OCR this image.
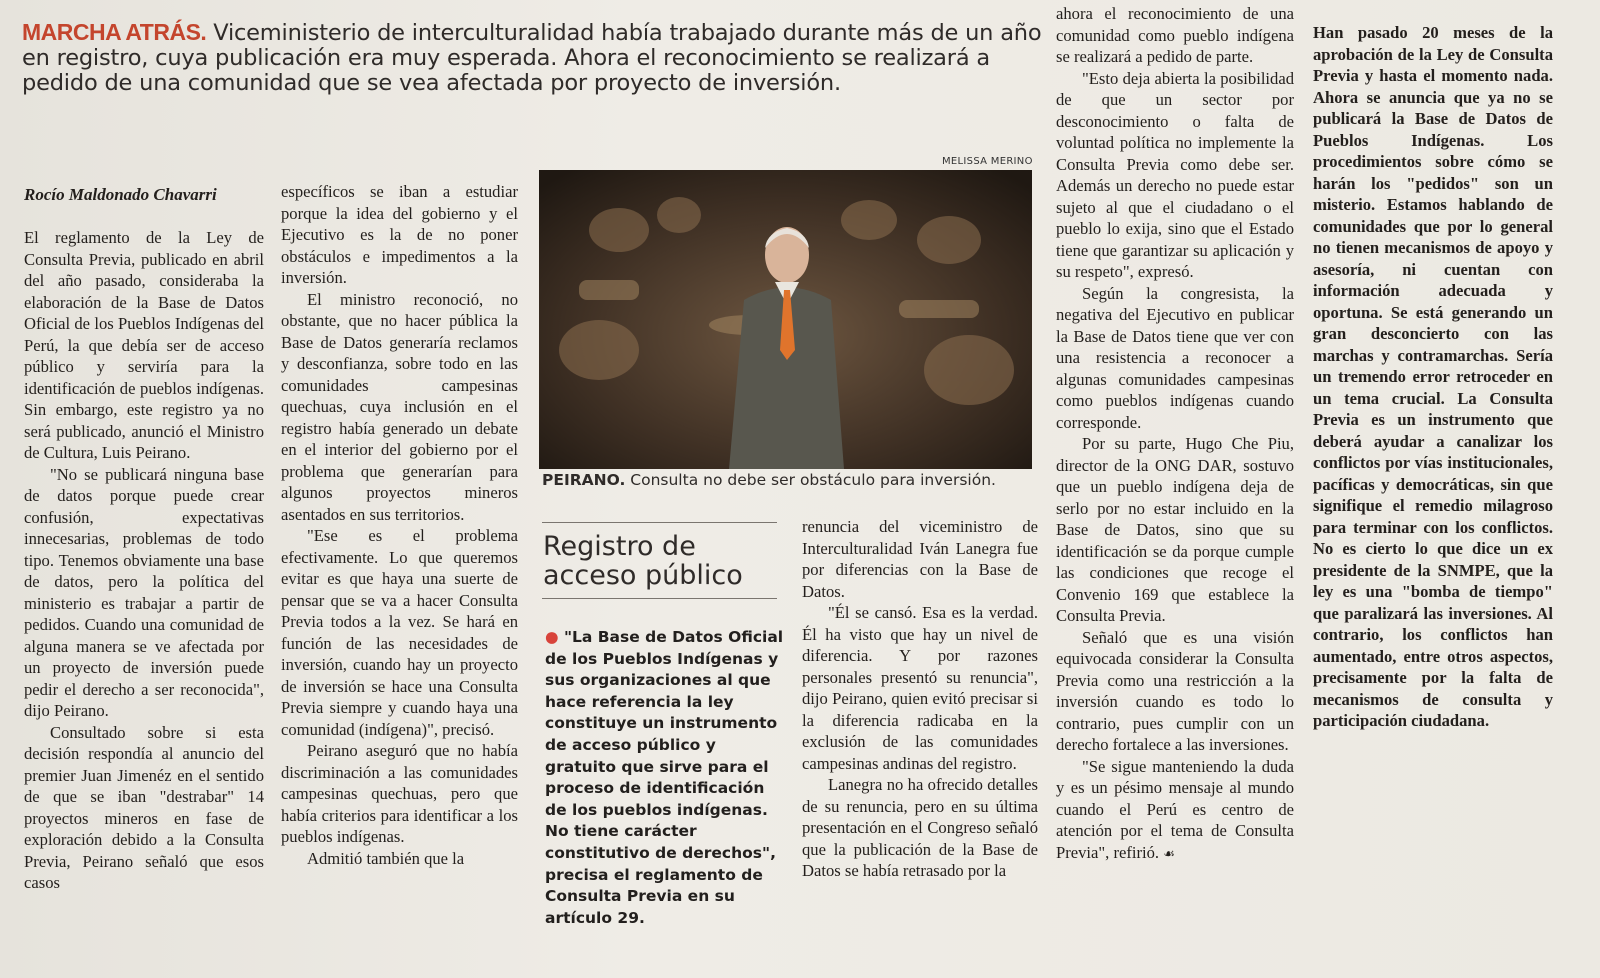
MARCHA ATRÁS. Viceministerio de interculturalidad había trabajado durante más de un año en registro, cuya publicación era muy esperada. Ahora el reconocimiento se realizará a pedido de una comunidad que se vea afectada por proyecto de inversión.
Rocío Maldonado Chavarri

El reglamento de la Ley de Consulta Previa, publicado en abril del año pasado, consideraba la elaboración de la Base de Datos Oficial de los Pueblos Indígenas del Perú, la que debía ser de acceso público y serviría para la identificación de pueblos indígenas. Sin embargo, este registro ya no será publicado, anunció el Ministro de Cultura, Luis Peirano.

"No se publicará ninguna base de datos porque puede crear confusión, expectativas innecesarias, problemas de todo tipo. Tenemos obviamente una base de datos, pero la política del ministerio es trabajar a partir de pedidos. Cuando una comunidad de alguna manera se ve afectada por un proyecto de inversión puede pedir el derecho a ser reconocida", dijo Peirano.

Consultado sobre si esta decisión respondía al anuncio del premier Juan Jimenéz en el sentido de que se iban "destrabar" 14 proyectos mineros en fase de exploración debido a la Consulta Previa, Peirano señaló que esos casos

específicos se iban a estudiar porque la idea del gobierno y el Ejecutivo es la de no poner obstáculos e impedimentos a la inversión.

El ministro reconoció, no obstante, que no hacer pública la Base de Datos generaría reclamos y desconfianza, sobre todo en las comunidades campesinas quechuas, cuya inclusión en el registro había generado un debate en el interior del gobierno por el problema que generarían para algunos proyectos mineros asentados en sus territorios.

"Ese es el problema efectivamente. Lo que queremos evitar es que haya una suerte de pensar que se va a hacer Consulta Previa todos a la vez. Se hará en función de las necesidades de inversión, cuando hay un proyecto de inversión se hace una Consulta Previa siempre y cuando haya una comunidad (indígena)", precisó.

Peirano aseguró que no había discriminación a las comunidades campesinas quechuas, pero que había criterios para identificar a los pueblos indígenas.

Admitió también que la

MELISSA MERINO
PEIRANO. Consulta no debe ser obstáculo para inversión.
Registro de acceso público
● "La Base de Datos Oficial de los Pueblos Indígenas y sus organizaciones al que hace referencia la ley constituye un instrumento de acceso público y gratuito que sirve para el proceso de identificación de los pueblos indígenas. No tiene carácter constitutivo de derechos", precisa el reglamento de Consulta Previa en su artículo 29.

renuncia del viceministro de Interculturalidad Iván Lanegra fue por diferencias con la Base de Datos.

"Él se cansó. Esa es la verdad. Él ha visto que hay un nivel de diferencia. Y por razones personales presentó su renuncia", dijo Peirano, quien evitó precisar si la diferencia radicaba en la exclusión de las comunidades campesinas andinas del registro.

Lanegra no ha ofrecido detalles de su renuncia, pero en su última presentación en el Congreso señaló que la publicación de la Base de Datos se había retrasado por la

ahora el reconocimiento de una comunidad como pueblo indígena se realizará a pedido de parte.

"Esto deja abierta la posibilidad de que un sector por desconocimiento o falta de voluntad política no implemente la Consulta Previa como debe ser. Además un derecho no puede estar sujeto al que el ciudadano o el pueblo lo exija, sino que el Estado tiene que garantizar su aplicación y su respeto", expresó.

Según la congresista, la negativa del Ejecutivo en publicar la Base de Datos tiene que ver con una resistencia a reconocer a algunas comunidades campesinas como pueblos indígenas cuando corresponde.

Por su parte, Hugo Che Piu, director de la ONG DAR, sostuvo que un pueblo indígena deja de serlo por no estar incluido en la Base de Datos, sino que su identificación se da porque cumple las condiciones que recoge el Convenio 169 que establece la Consulta Previa.

Señaló que es una visión equivocada considerar la Consulta Previa como una restricción a la inversión cuando es todo lo contrario, pues cumplir con un derecho fortalece a las inversiones.

"Se sigue manteniendo la duda y es un pésimo mensaje al mundo cuando el Perú es centro de atención por el tema de Consulta Previa", refirió. ☙

Han pasado 20 meses de la aprobación de la Ley de Consulta Previa y hasta el momento nada. Ahora se anuncia que ya no se publicará la Base de Datos de Pueblos Indígenas. Los procedimientos sobre cómo se harán los "pedidos" son un misterio. Estamos hablando de comunidades que por lo general no tienen mecanismos de apoyo y asesoría, ni cuentan con información adecuada y oportuna. Se está generando un gran desconcierto con las marchas y contramarchas. Sería un tremendo error retroceder en un tema crucial. La Consulta Previa es un instrumento que deberá ayudar a canalizar los conflictos por vías institucionales, pacíficas y democráticas, sin que signifique el remedio milagroso para terminar con los conflictos. No es cierto lo que dice un ex presidente de la SNMPE, que la ley es una "bomba de tiempo" que paralizará las inversiones. Al contrario, los conflictos han aumentado, entre otros aspectos, precisamente por la falta de mecanismos de consulta y participación ciudadana.
